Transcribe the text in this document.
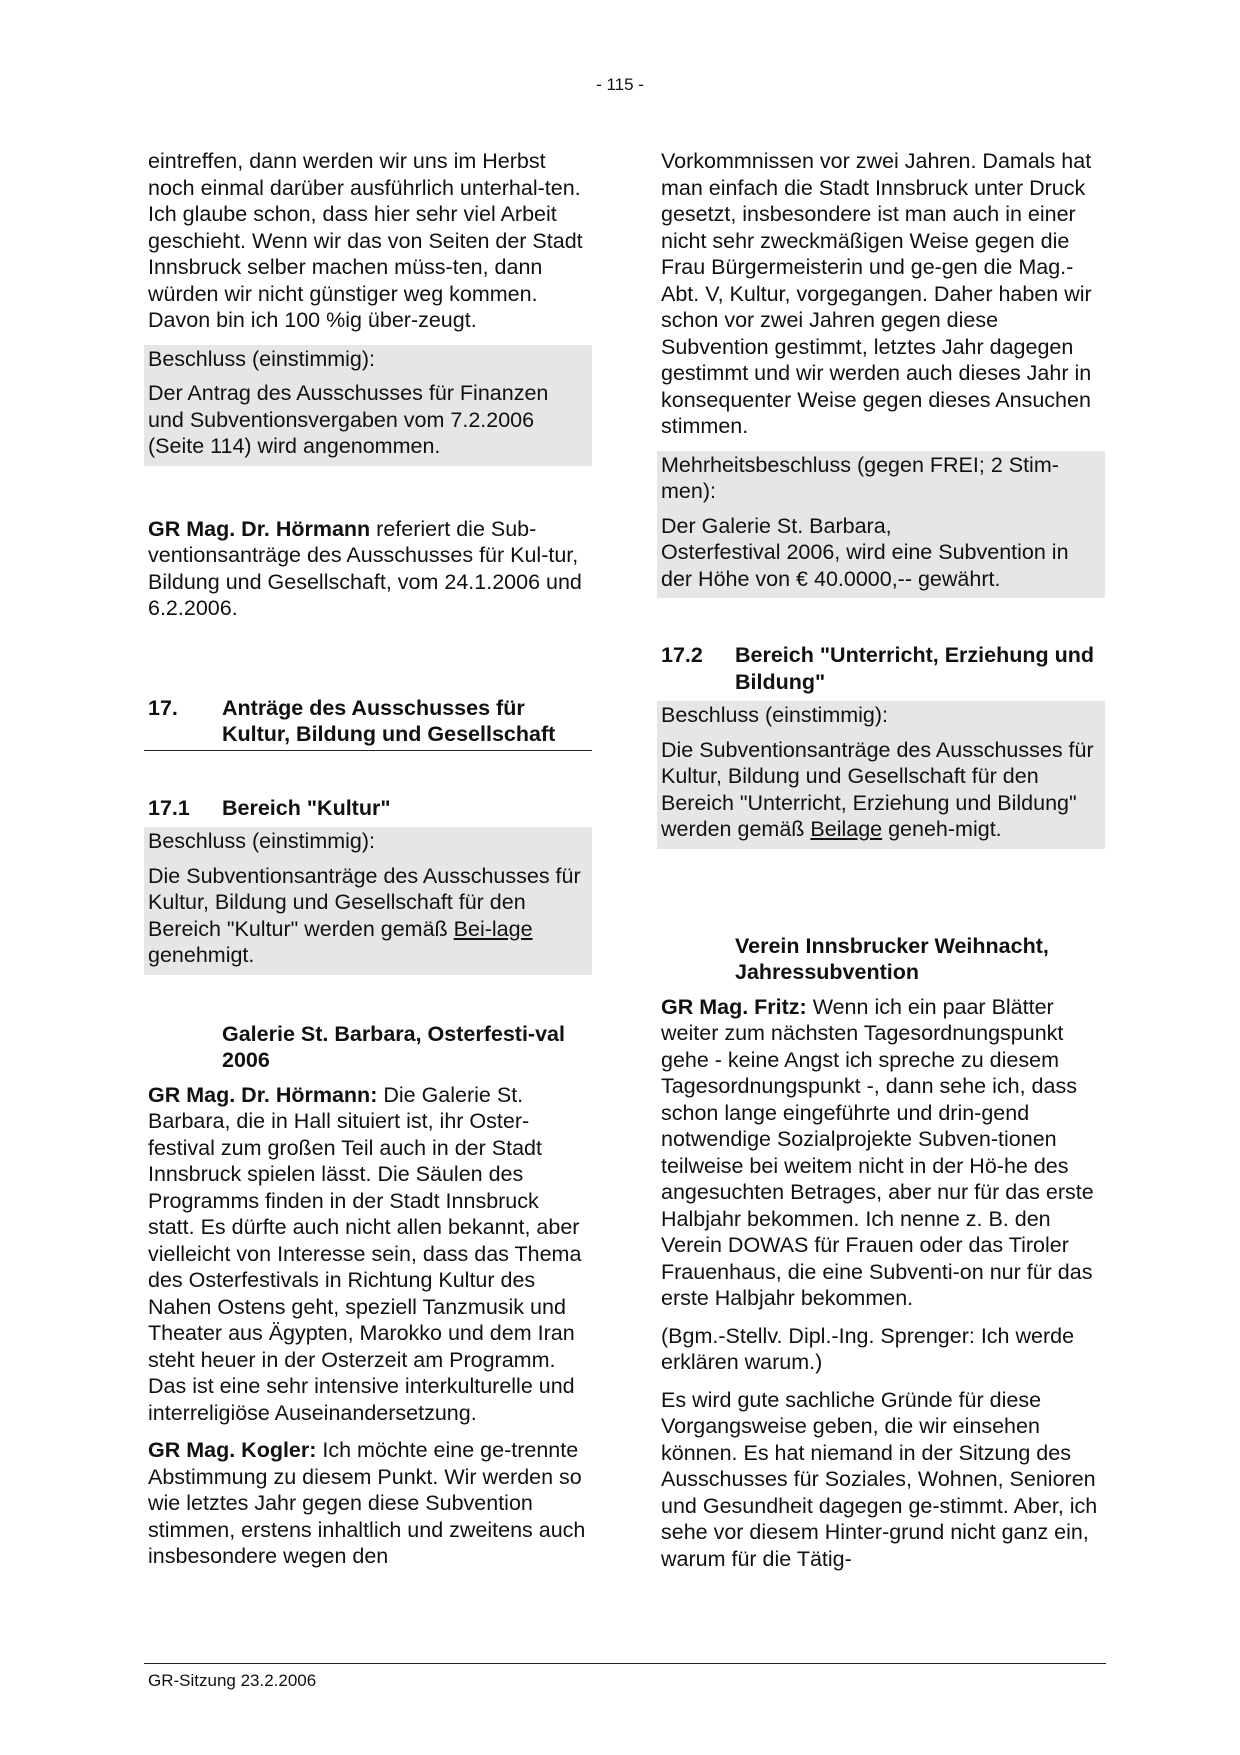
- 115 -

eintreffen, dann werden wir uns im Herbst noch einmal darüber ausführlich unterhal-ten. Ich glaube schon, dass hier sehr viel Arbeit geschieht. Wenn wir das von Seiten der Stadt Innsbruck selber machen müss-ten, dann würden wir nicht günstiger weg kommen. Davon bin ich 100 %ig über-zeugt.

Beschluss (einstimmig):

Der Antrag des Ausschusses für Finanzen und Subventionsvergaben vom 7.2.2006 (Seite 114) wird angenommen.

GR Mag. Dr. Hörmann referiert die Sub-ventionsanträge des Ausschusses für Kul-tur, Bildung und Gesellschaft, vom 24.1.2006 und 6.2.2006.

17.	Anträge des Ausschusses für Kultur, Bildung und Gesellschaft
17.1	Bereich "Kultur"

Beschluss (einstimmig):

Die Subventionsanträge des Ausschusses für Kultur, Bildung und Gesellschaft für den Bereich "Kultur" werden gemäß Bei-lage genehmigt.

Galerie St. Barbara, Osterfesti-val 2006

GR Mag. Dr. Hörmann: Die Galerie St. Barbara, die in Hall situiert ist, ihr Oster-festival zum großen Teil auch in der Stadt Innsbruck spielen lässt. Die Säulen des Programms finden in der Stadt Innsbruck statt. Es dürfte auch nicht allen bekannt, aber vielleicht von Interesse sein, dass das Thema des Osterfestivals in Richtung Kultur des Nahen Ostens geht, speziell Tanzmusik und Theater aus Ägypten, Marokko und dem Iran steht heuer in der Osterzeit am Programm. Das ist eine sehr intensive interkulturelle und interreligiöse Auseinandersetzung.

GR Mag. Kogler: Ich möchte eine ge-trennte Abstimmung zu diesem Punkt. Wir werden so wie letztes Jahr gegen diese Subvention stimmen, erstens inhaltlich und zweitens auch insbesondere wegen den

Vorkommnissen vor zwei Jahren. Damals hat man einfach die Stadt Innsbruck unter Druck gesetzt, insbesondere ist man auch in einer nicht sehr zweckmäßigen Weise gegen die Frau Bürgermeisterin und ge-gen die Mag.-Abt. V, Kultur, vorgegangen. Daher haben wir schon vor zwei Jahren gegen diese Subvention gestimmt, letztes Jahr dagegen gestimmt und wir werden auch dieses Jahr in konsequenter Weise gegen dieses Ansuchen stimmen.

Mehrheitsbeschluss (gegen FREI; 2 Stim-men):

Der Galerie St. Barbara,
Osterfestival 2006, wird eine Subvention in der Höhe von € 40.0000,-- gewährt.

17.2	Bereich "Unterricht, Erziehung und Bildung"

Beschluss (einstimmig):

Die Subventionsanträge des Ausschusses für Kultur, Bildung und Gesellschaft für den Bereich "Unterricht, Erziehung und Bildung" werden gemäß Beilage geneh-migt.

Verein Innsbrucker Weihnacht, Jahressubvention

GR Mag. Fritz: Wenn ich ein paar Blätter weiter zum nächsten Tagesordnungspunkt gehe - keine Angst ich spreche zu diesem Tagesordnungspunkt -, dann sehe ich, dass schon lange eingeführte und drin-gend notwendige Sozialprojekte Subven-tionen teilweise bei weitem nicht in der Hö-he des angesuchten Betrages, aber nur für das erste Halbjahr bekommen. Ich nenne z. B. den Verein DOWAS für Frauen oder das Tiroler Frauenhaus, die eine Subventi-on nur für das erste Halbjahr bekommen.

(Bgm.-Stellv. Dipl.-Ing. Sprenger: Ich werde erklären warum.)

Es wird gute sachliche Gründe für diese Vorgangsweise geben, die wir einsehen können. Es hat niemand in der Sitzung des Ausschusses für Soziales, Wohnen, Senioren und Gesundheit dagegen ge-stimmt. Aber, ich sehe vor diesem Hinter-grund nicht ganz ein, warum für die Tätig-

GR-Sitzung 23.2.2006
